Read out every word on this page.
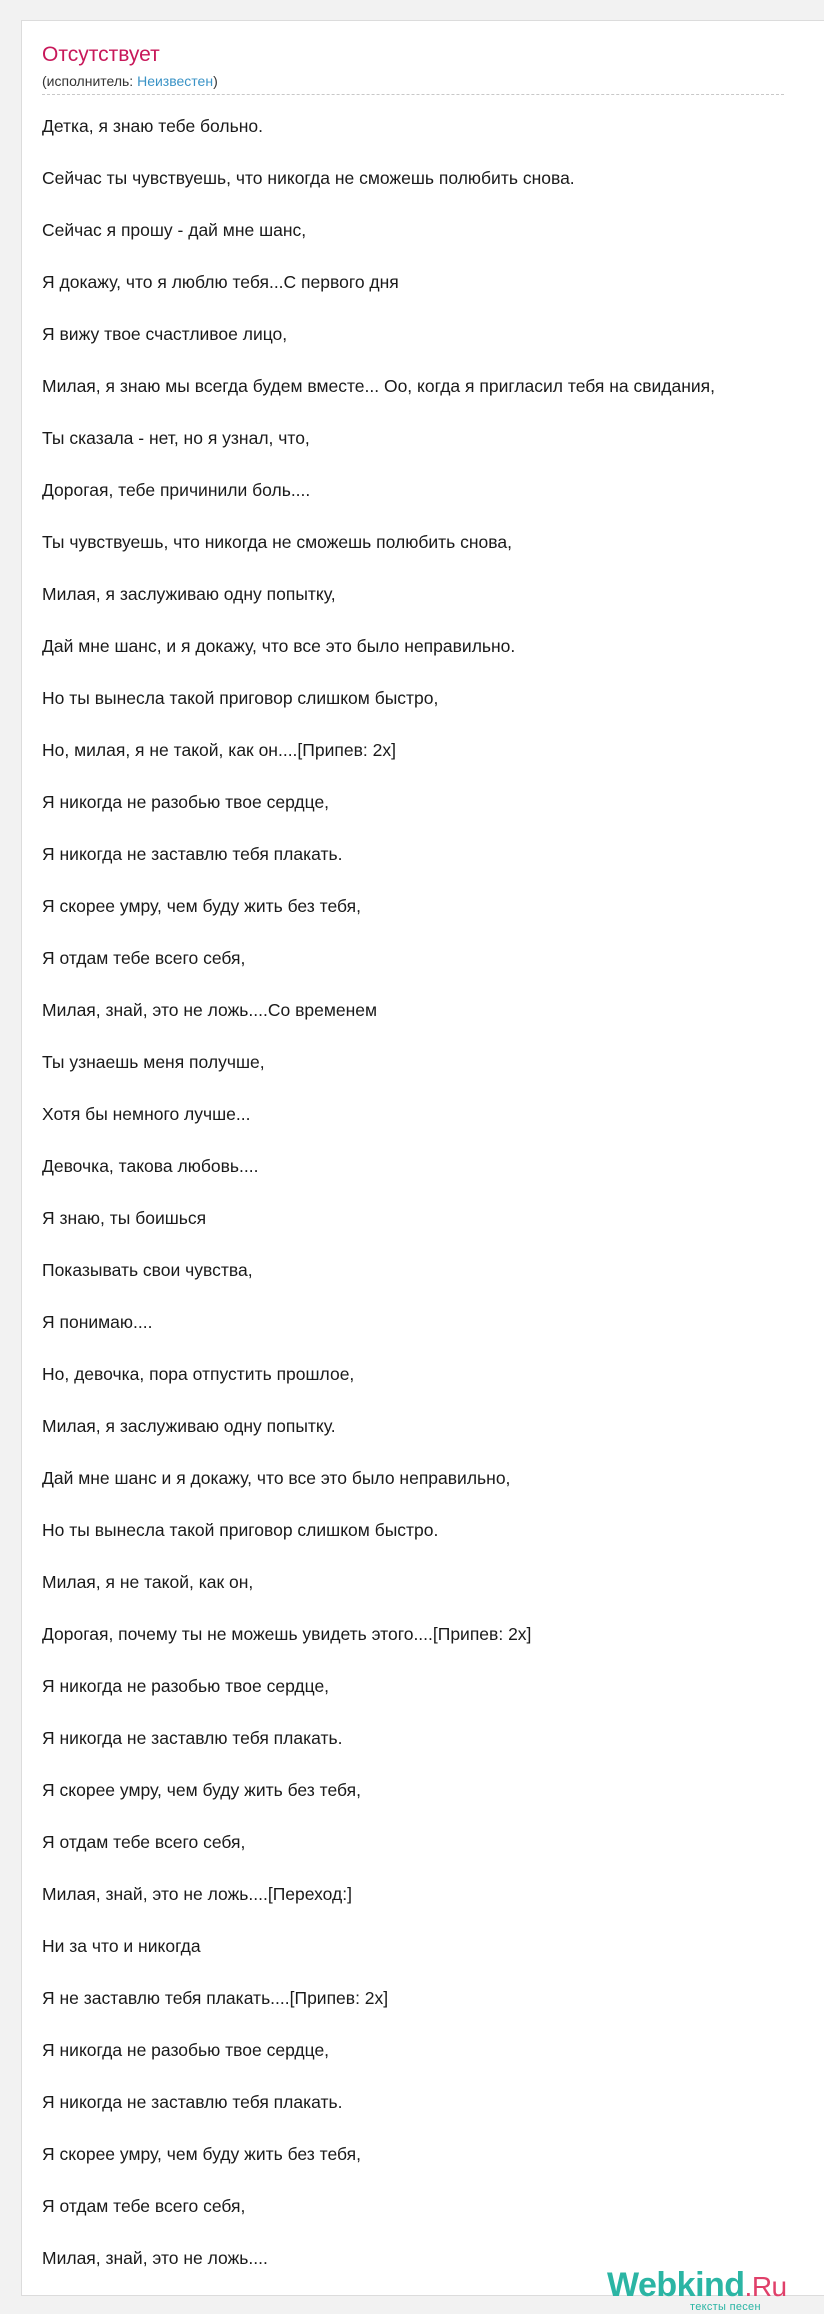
Отсутствует
(исполнитель: Неизвестен)
Детка, я знаю тебе больно.
Сейчас ты чувствуешь, что никогда не сможешь полюбить снова.
Сейчас я прошу - дай мне шанс,
Я докажу, что я люблю тебя...С первого дня
Я вижу твое счастливое лицо,
Милая, я знаю мы всегда будем вместе... Оо, когда я пригласил тебя на свидания,
Ты сказала - нет, но я узнал, что,
Дорогая, тебе причинили боль....
Ты чувствуешь, что никогда не сможешь полюбить снова,
Милая, я заслуживаю одну попытку,
Дай мне шанс, и я докажу, что все это было неправильно.
Но ты вынесла такой приговор слишком быстро,
Но, милая, я не такой, как он....[Припев: 2x]
Я никогда не разобью твое сердце,
Я никогда не заставлю тебя плакать.
Я скорее умру, чем буду жить без тебя,
Я отдам тебе всего себя,
Милая, знай, это не ложь....Со временем
Ты узнаешь меня получше,
Хотя бы немного лучше...
Девочка, такова любовь....
Я знаю, ты боишься
Показывать свои чувства,
Я понимаю....
Но, девочка, пора отпустить прошлое,
Милая, я заслуживаю одну попытку.
Дай мне шанс и я докажу, что все это было неправильно,
Но ты вынесла такой приговор слишком быстро.
Милая, я не такой, как он,
Дорогая, почему ты не можешь увидеть этого....[Припев: 2x]
Я никогда не разобью твое сердце,
Я никогда не заставлю тебя плакать.
Я скорее умру, чем буду жить без тебя,
Я отдам тебе всего себя,
Милая, знай, это не ложь....[Переход:]
Ни за что и никогда
Я не заставлю тебя плакать....[Припев: 2x]
Я никогда не разобью твое сердце,
Я никогда не заставлю тебя плакать.
Я скорее умру, чем буду жить без тебя,
Я отдам тебе всего себя,
Милая, знай, это не ложь....
Webkind.Ru
тексты песен
